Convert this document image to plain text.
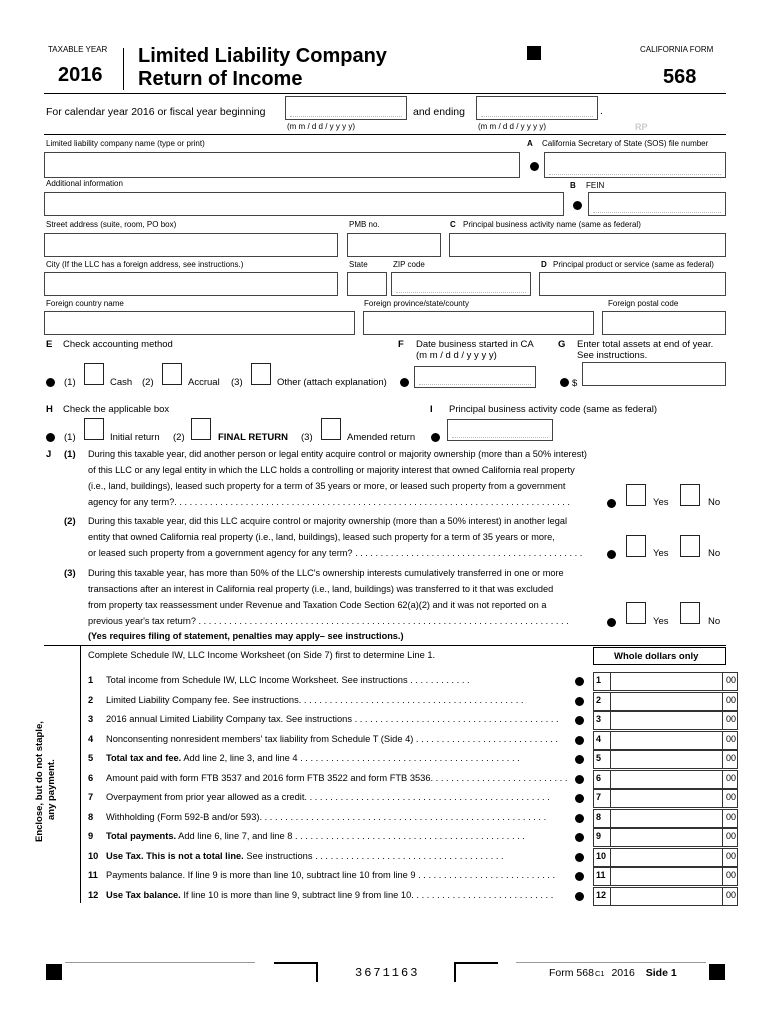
TAXABLE YEAR
2016
Limited Liability Company
Return of Income
CALIFORNIA FORM
568
For calendar year 2016 or fiscal year beginning
(m m / d d / y y y y)
and ending	.
(m m / d d / y y y y)	RP
Limited liability company name (type or print)	A California Secretary of State (SOS) file number
Additional information	B FEIN
Street address (suite, room, PO box)	PMB no.	C Principal business activity name (same as federal)
City (If the LLC has a foreign address, see instructions.)	State	ZIP code	D Principal product or service (same as federal)
Foreign country name	Foreign province/state/county	Foreign postal code
E Check accounting method	F Date business started in CA
(m m / d d / y y y y)
G Enter total assets at end of year.
See instructions.
(1)	Cash (2)	Accrual (3)	Other (attach explanation)	$
H Check the applicable box	I Principal business activity code (same as federal)
(1)	Initial return (2)	FINAL RETURN (3)	Amended return
J (1) During this taxable year, did another person or legal entity acquire control or majority ownership (more than a 50% interest)
of this LLC or any legal entity in which the LLC holds a controlling or majority interest that owned California real property
(i.e., land, buildings), leased such property for a term of 35 years or more, or leased such property from a government
agency for any term?. . . . . . . . . . . . . . . . . . . . . . . . . . . . . . . . . . . . . . . . . . . . . . . . . . . . . . . . . . . . . . . . . . . . . . . . . . . . . .	Yes	No
(2) During this taxable year, did this LLC acquire control or majority ownership (more than a 50% interest) in another legal
entity that owned California real property (i.e., land, buildings), leased such property for a term of 35 years or more,
or leased such property from a government agency for any term? . . . . . . . . . . . . . . . . . . . . . . . . . . . . . . . . . . . . . . . . . . . . .	Yes	No
(3) During this taxable year, has more than 50% of the LLC's ownership interests cumulatively transferred in one or more
transactions after an interest in California real property (i.e., land, buildings) was transferred to it that was excluded
from property tax reassessment under Revenue and Taxation Code Section 62(a)(2) and it was not reported on a
previous year's tax return? . . . . . . . . . . . . . . . . . . . . . . . . . . . . . . . . . . . . . . . . . . . . . . . . . . . . . . . . . . . . . . . . . . . . . . . . .	Yes	No
(Yes requires filing of statement, penalties may apply– see instructions.)
Complete Schedule IW, LLC Income Worksheet (on Side 7) first to determine Line 1.	Whole dollars only
Enclose, but do not staple, any payment.
1 Total income from Schedule IW, LLC Income Worksheet. See instructions . . . . . . . . . . . .	1	00
2 Limited Liability Company fee. See instructions. . . . . . . . . . . . . . . . . . . . . . . . . . . . . . . . . . . . . . . . . . . .	2	00
3 2016 annual Limited Liability Company tax. See instructions . . . . . . . . . . . . . . . . . . . . . . . . . . . . . . . . . . . . . . . .	3	00
4 Nonconsenting nonresident members' tax liability from Schedule T (Side 4) . . . . . . . . . . . . . . . . . . . . . . . . . . . .	4	00
5 Total tax and fee. Add line 2, line 3, and line 4 . . . . . . . . . . . . . . . . . . . . . . . . . . . . . . . . . . . . . . . . . . .	5	00
6 Amount paid with form FTB 3537 and 2016 form FTB 3522 and form FTB 3536. . . . . . . . . . . . . . . . . . . . . . . . . . .	6	00
7 Overpayment from prior year allowed as a credit. . . . . . . . . . . . . . . . . . . . . . . . . . . . . . . . . . . . . . . . . . . . . . . .	7	00
8 Withholding (Form 592-B and/or 593). . . . . . . . . . . . . . . . . . . . . . . . . . . . . . . . . . . . . . . . . . . . . . . . . . . . . . . .	8	00
9 Total payments. Add line 6, line 7, and line 8 . . . . . . . . . . . . . . . . . . . . . . . . . . . . . . . . . . . . . . . . . . . . .	9	00
10 Use Tax. This is not a total line. See instructions . . . . . . . . . . . . . . . . . . . . . . . . . . . . . . . . . . . . .	10	00
11 Payments balance. If line 9 is more than line 10, subtract line 10 from line 9 . . . . . . . . . . . . . . . . . . . . . . . . . . .	11	00
12 Use Tax balance. If line 10 is more than line 9, subtract line 9 from line 10. . . . . . . . . . . . . . . . . . . . . . . . . . . .	12	00
3671163	Form 568C1 2016 Side 1
